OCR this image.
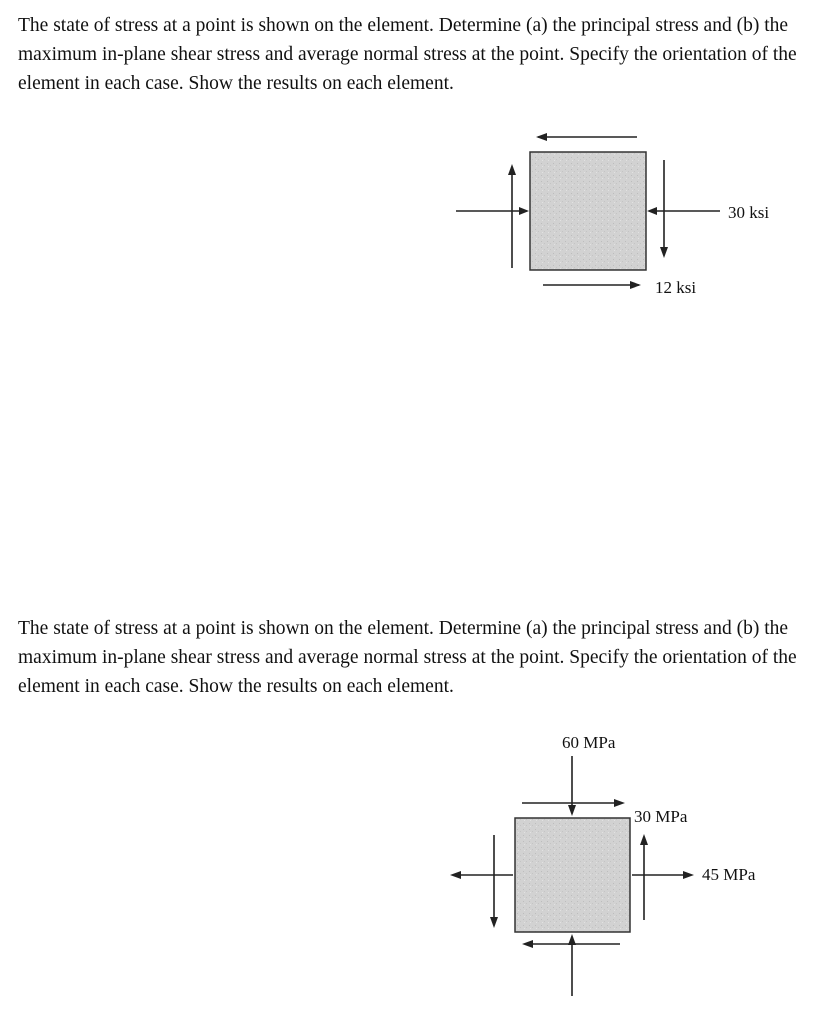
The state of stress at a point is shown on the element. Determine (a) the principal stress and (b) the maximum in-plane shear stress and average normal stress at the point. Specify the orientation of the element in each case. Show the results on each element.

30 ksi
12 ksi

The state of stress at a point is shown on the element. Determine (a) the principal stress and (b) the maximum in-plane shear stress and average normal stress at the point. Specify the orientation of the element in each case. Show the results on each element.

60 MPa
30 MPa
45 MPa
